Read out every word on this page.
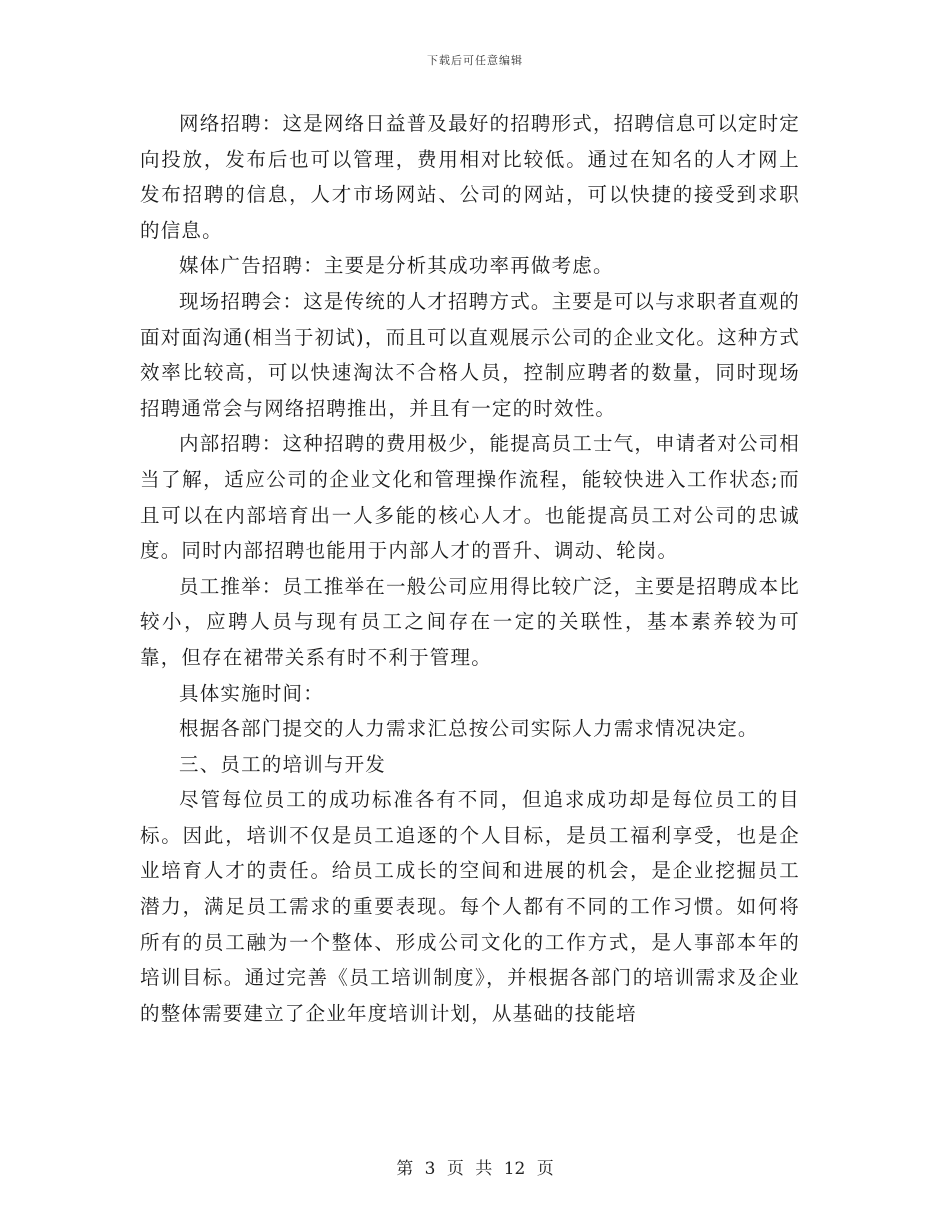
下载后可任意编辑

网络招聘：这是网络日益普及最好的招聘形式，招聘信息可以定时定向投放，发布后也可以管理，费用相对比较低。通过在知名的人才网上发布招聘的信息，人才市场网站、公司的网站，可以快捷的接受到求职的信息。

媒体广告招聘：主要是分析其成功率再做考虑。

现场招聘会：这是传统的人才招聘方式。主要是可以与求职者直观的面对面沟通(相当于初试)，而且可以直观展示公司的企业文化。这种方式效率比较高，可以快速淘汰不合格人员，控制应聘者的数量，同时现场招聘通常会与网络招聘推出，并且有一定的时效性。

内部招聘：这种招聘的费用极少，能提高员工士气，申请者对公司相当了解，适应公司的企业文化和管理操作流程，能较快进入工作状态;而且可以在内部培育出一人多能的核心人才。也能提高员工对公司的忠诚度。同时内部招聘也能用于内部人才的晋升、调动、轮岗。

员工推举：员工推举在一般公司应用得比较广泛，主要是招聘成本比较小，应聘人员与现有员工之间存在一定的关联性，基本素养较为可靠，但存在裙带关系有时不利于管理。

具体实施时间：

根据各部门提交的人力需求汇总按公司实际人力需求情况决定。

三、员工的培训与开发

尽管每位员工的成功标准各有不同，但追求成功却是每位员工的目标。因此，培训不仅是员工追逐的个人目标，是员工福利享受，也是企业培育人才的责任。给员工成长的空间和进展的机会，是企业挖掘员工潜力，满足员工需求的重要表现。每个人都有不同的工作习惯。如何将所有的员工融为一个整体、形成公司文化的工作方式，是人事部本年的培训目标。通过完善《员工培训制度》，并根据各部门的培训需求及企业的整体需要建立了企业年度培训计划，从基础的技能培

第 3 页 共 12 页
